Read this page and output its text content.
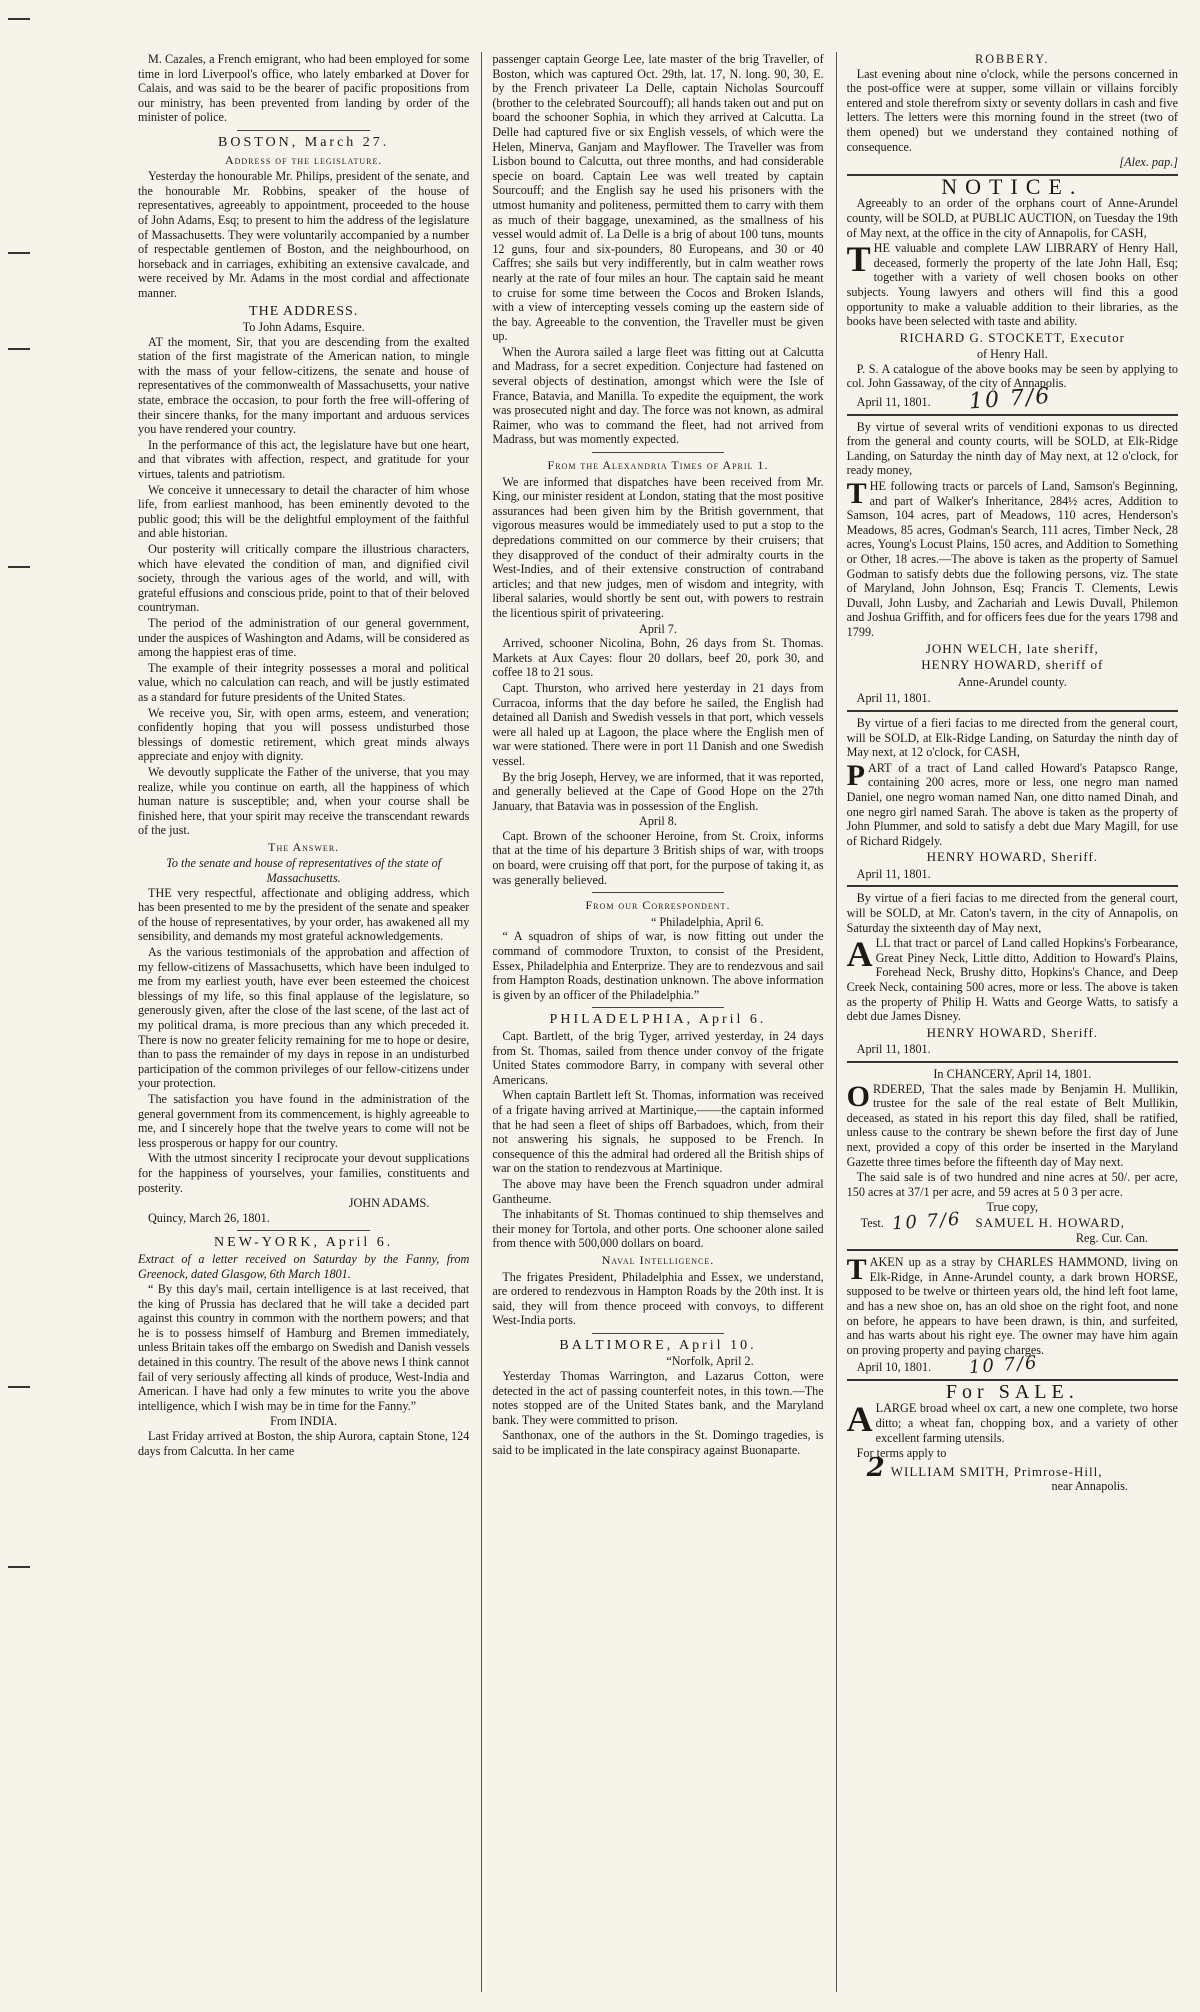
M. Cazales, a French emigrant, who had been employed for some time in lord Liverpool's office, who lately embarked at Dover for Calais, and was said to be the bearer of pacific propositions from our ministry, has been prevented from landing by order of the minister of police.

BOSTON, March 27.
Address of the legislature.

Yesterday the honourable Mr. Philips, president of the senate, and the honourable Mr. Robbins, speaker of the house of representatives, agreeably to appointment, proceeded to the house of John Adams, Esq; to present to him the address of the legislature of Massachusetts. They were voluntarily accompanied by a number of respectable gentlemen of Boston, and the neighbourhood, on horseback and in carriages, exhibiting an extensive cavalcade, and were received by Mr. Adams in the most cordial and affectionate manner.

THE ADDRESS.
To John Adams, Esquire.

AT the moment, Sir, that you are descending from the exalted station of the first magistrate of the American nation, to mingle with the mass of your fellow-citizens, the senate and house of representatives of the commonwealth of Massachusetts, your native state, embrace the occasion, to pour forth the free will-offering of their sincere thanks, for the many important and arduous services you have rendered your country.

In the performance of this act, the legislature have but one heart, and that vibrates with affection, respect, and gratitude for your virtues, talents and patriotism.

We conceive it unnecessary to detail the character of him whose life, from earliest manhood, has been eminently devoted to the public good; this will be the delightful employment of the faithful and able historian.

Our posterity will critically compare the illustrious characters, which have elevated the condition of man, and dignified civil society, through the various ages of the world, and will, with grateful effusions and conscious pride, point to that of their beloved countryman.

The period of the administration of our general government, under the auspices of Washington and Adams, will be considered as among the happiest eras of time.

The example of their integrity possesses a moral and political value, which no calculation can reach, and will be justly estimated as a standard for future presidents of the United States.

We receive you, Sir, with open arms, esteem, and veneration; confidently hoping that you will possess undisturbed those blessings of domestic retirement, which great minds always appreciate and enjoy with dignity.

We devoutly supplicate the Father of the universe, that you may realize, while you continue on earth, all the happiness of which human nature is susceptible; and, when your course shall be finished here, that your spirit may receive the transcendant rewards of the just.

The Answer.
To the senate and house of representatives of the state of Massachusetts.

THE very respectful, affectionate and obliging address, which has been presented to me by the president of the senate and speaker of the house of representatives, by your order, has awakened all my sensibility, and demands my most grateful acknowledgements.

As the various testimonials of the approbation and affection of my fellow-citizens of Massachusetts, which have been indulged to me from my earliest youth, have ever been esteemed the choicest blessings of my life, so this final applause of the legislature, so generously given, after the close of the last scene, of the last act of my political drama, is more precious than any which preceded it. There is now no greater felicity remaining for me to hope or desire, than to pass the remainder of my days in repose in an undisturbed participation of the common privileges of our fellow-citizens under your protection.

The satisfaction you have found in the administration of the general government from its commencement, is highly agreeable to me, and I sincerely hope that the twelve years to come will not be less prosperous or happy for our country.

With the utmost sincerity I reciprocate your devout supplications for the happiness of yourselves, your families, constituents and posterity.

JOHN ADAMS.
Quincy, March 26, 1801.
NEW-YORK, April 6.

Extract of a letter received on Saturday by the Fanny, from Greenock, dated Glasgow, 6th March 1801.

“ By this day's mail, certain intelligence is at last received, that the king of Prussia has declared that he will take a decided part against this country in common with the northern powers; and that he is to possess himself of Hamburg and Bremen immediately, unless Britain takes off the embargo on Swedish and Danish vessels detained in this country. The result of the above news I think cannot fail of very seriously affecting all kinds of produce, West-India and American. I have had only a few minutes to write you the above intelligence, which I wish may be in time for the Fanny.”

From INDIA.

Last Friday arrived at Boston, the ship Aurora, captain Stone, 124 days from Calcutta. In her came

passenger captain George Lee, late master of the brig Traveller, of Boston, which was captured Oct. 29th, lat. 17, N. long. 90, 30, E. by the French privateer La Delle, captain Nicholas Sourcouff (brother to the celebrated Sourcouff); all hands taken out and put on board the schooner Sophia, in which they arrived at Calcutta. La Delle had captured five or six English vessels, of which were the Helen, Minerva, Ganjam and Mayflower. The Traveller was from Lisbon bound to Calcutta, out three months, and had considerable specie on board. Captain Lee was well treated by captain Sourcouff; and the English say he used his prisoners with the utmost humanity and politeness, permitted them to carry with them as much of their baggage, unexamined, as the smallness of his vessel would admit of. La Delle is a brig of about 100 tuns, mounts 12 guns, four and six-pounders, 80 Europeans, and 30 or 40 Caffres; she sails but very indifferently, but in calm weather rows nearly at the rate of four miles an hour. The captain said he meant to cruise for some time between the Cocos and Broken Islands, with a view of intercepting vessels coming up the eastern side of the bay. Agreeable to the convention, the Traveller must be given up.

When the Aurora sailed a large fleet was fitting out at Calcutta and Madrass, for a secret expedition. Conjecture had fastened on several objects of destination, amongst which were the Isle of France, Batavia, and Manilla. To expedite the equipment, the work was prosecuted night and day. The force was not known, as admiral Raimer, who was to command the fleet, had not arrived from Madrass, but was momently expected.

From the Alexandria Times of April 1.

We are informed that dispatches have been received from Mr. King, our minister resident at London, stating that the most positive assurances had been given him by the British government, that vigorous measures would be immediately used to put a stop to the depredations committed on our commerce by their cruisers; that they disapproved of the conduct of their admiralty courts in the West-Indies, and of their extensive construction of contraband articles; and that new judges, men of wisdom and integrity, with liberal salaries, would shortly be sent out, with powers to restrain the licentious spirit of privateering.

April 7.

Arrived, schooner Nicolina, Bohn, 26 days from St. Thomas. Markets at Aux Cayes: flour 20 dollars, beef 20, pork 30, and coffee 18 to 21 sous.

Capt. Thurston, who arrived here yesterday in 21 days from Curracoa, informs that the day before he sailed, the English had detained all Danish and Swedish vessels in that port, which vessels were all haled up at Lagoon, the place where the English men of war were stationed. There were in port 11 Danish and one Swedish vessel.

By the brig Joseph, Hervey, we are informed, that it was reported, and generally believed at the Cape of Good Hope on the 27th January, that Batavia was in possession of the English.

April 8.

Capt. Brown of the schooner Heroine, from St. Croix, informs that at the time of his departure 3 British ships of war, with troops on board, were cruising off that port, for the purpose of taking it, as was generally believed.

From our Correspondent.
“ Philadelphia, April 6.

“ A squadron of ships of war, is now fitting out under the command of commodore Truxton, to consist of the President, Essex, Philadelphia and Enterprize. They are to rendezvous and sail from Hampton Roads, destination unknown. The above information is given by an officer of the Philadelphia.”

PHILADELPHIA, April 6.

Capt. Bartlett, of the brig Tyger, arrived yesterday, in 24 days from St. Thomas, sailed from thence under convoy of the frigate United States commodore Barry, in company with several other Americans.

When captain Bartlett left St. Thomas, information was received of a frigate having arrived at Martinique,——the captain informed that he had seen a fleet of ships off Barbadoes, which, from their not answering his signals, he supposed to be French. In consequence of this the admiral had ordered all the British ships of war on the station to rendezvous at Martinique.

The above may have been the French squadron under admiral Gantheume.

The inhabitants of St. Thomas continued to ship themselves and their money for Tortola, and other ports. One schooner alone sailed from thence with 500,000 dollars on board.

Naval Intelligence.

The frigates President, Philadelphia and Essex, we understand, are ordered to rendezvous in Hampton Roads by the 20th inst. It is said, they will from thence proceed with convoys, to different West-India ports.

BALTIMORE, April 10.
“Norfolk, April 2.

Yesterday Thomas Warrington, and Lazarus Cotton, were detected in the act of passing counterfeit notes, in this town.—The notes stopped are of the United States bank, and the Maryland bank. They were committed to prison.

Santhonax, one of the authors in the St. Domingo tragedies, is said to be implicated in the late conspiracy against Buonaparte.

ROBBERY.

Last evening about nine o'clock, while the persons concerned in the post-office were at supper, some villain or villains forcibly entered and stole therefrom sixty or seventy dollars in cash and five letters. The letters were this morning found in the street (two of them opened) but we understand they contained nothing of consequence.

[Alex. pap.]
NOTICE.

Agreeably to an order of the orphans court of Anne-Arundel county, will be SOLD, at PUBLIC AUCTION, on Tuesday the 19th of May next, at the office in the city of Annapolis, for CASH,

THE valuable and complete LAW LIBRARY of Henry Hall, deceased, formerly the property of the late John Hall, Esq; together with a variety of well chosen books on other subjects. Young lawyers and others will find this a good opportunity to make a valuable addition to their libraries, as the books have been selected with taste and ability.

RICHARD G. STOCKETT, Executor
of Henry Hall.

P. S. A catalogue of the above books may be seen by applying to col. John Gassaway, of the city of Annapolis.

April 11, 1801. 10 7/6

By virtue of several writs of venditioni exponas to us directed from the general and county courts, will be SOLD, at Elk-Ridge Landing, on Saturday the ninth day of May next, at 12 o'clock, for ready money,

THE following tracts or parcels of Land, Samson's Beginning, and part of Walker's Inheritance, 284½ acres, Addition to Samson, 104 acres, part of Meadows, 110 acres, Henderson's Meadows, 85 acres, Godman's Search, 111 acres, Timber Neck, 28 acres, Young's Locust Plains, 150 acres, and Addition to Something or Other, 18 acres.—The above is taken as the property of Samuel Godman to satisfy debts due the following persons, viz. The state of Maryland, John Johnson, Esq; Francis T. Clements, Lewis Duvall, John Lusby, and Zachariah and Lewis Duvall, Philemon and Joshua Griffith, and for officers fees due for the years 1798 and 1799.

JOHN WELCH, late sheriff,
HENRY HOWARD, sheriff of
Anne-Arundel county.
April 11, 1801.

By virtue of a fieri facias to me directed from the general court, will be SOLD, at Elk-Ridge Landing, on Saturday the ninth day of May next, at 12 o'clock, for CASH,

PART of a tract of Land called Howard's Patapsco Range, containing 200 acres, more or less, one negro man named Daniel, one negro woman named Nan, one ditto named Dinah, and one negro girl named Sarah. The above is taken as the property of John Plummer, and sold to satisfy a debt due Mary Magill, for use of Richard Ridgely.

HENRY HOWARD, Sheriff.
April 11, 1801.

By virtue of a fieri facias to me directed from the general court, will be SOLD, at Mr. Caton's tavern, in the city of Annapolis, on Saturday the sixteenth day of May next,

ALL that tract or parcel of Land called Hopkins's Forbearance, Great Piney Neck, Little ditto, Addition to Howard's Plains, Forehead Neck, Brushy ditto, Hopkins's Chance, and Deep Creek Neck, containing 500 acres, more or less. The above is taken as the property of Philip H. Watts and George Watts, to satisfy a debt due James Disney.

HENRY HOWARD, Sheriff.
April 11, 1801.
In CHANCERY, April 14, 1801.

ORDERED, That the sales made by Benjamin H. Mullikin, trustee for the sale of the real estate of Belt Mullikin, deceased, as stated in his report this day filed, shall be ratified, unless cause to the contrary be shewn before the first day of June next, provided a copy of this order be inserted in the Maryland Gazette three times before the fifteenth day of May next.

The said sale is of two hundred and nine acres at 50/. per acre, 150 acres at 37/1 per acre, and 59 acres at 5 0 3 per acre.

True copy,
Test. 10 7/6 SAMUEL H. HOWARD,
Reg. Cur. Can.

TAKEN up as a stray by CHARLES HAMMOND, living on Elk-Ridge, in Anne-Arundel county, a dark brown HORSE, supposed to be twelve or thirteen years old, the hind left foot lame, and has a new shoe on, has an old shoe on the right foot, and none on before, he appears to have been drawn, is thin, and surfeited, and has warts about his right eye. The owner may have him again on proving property and paying charges.

April 10, 1801. 10 7/6
For SALE.

ALARGE broad wheel ox cart, a new one complete, two horse ditto; a wheat fan, chopping box, and a variety of other excellent farming utensils.

For terms apply to
2 WILLIAM SMITH, Primrose-Hill,
near Annapolis.
